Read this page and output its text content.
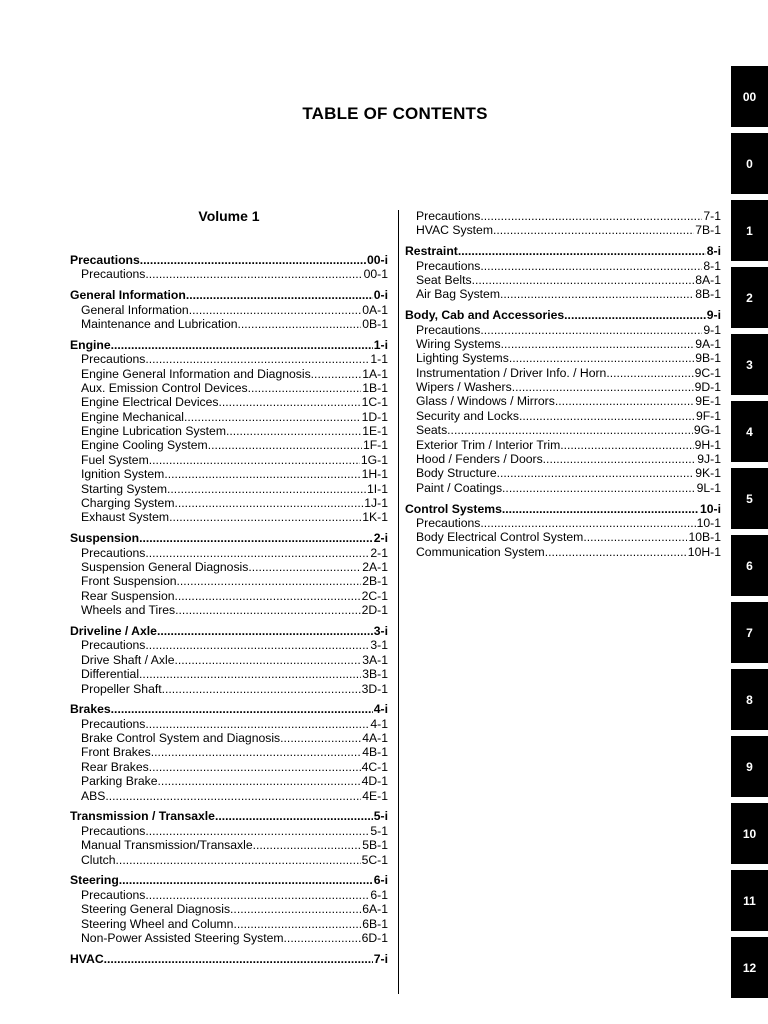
TABLE OF CONTENTS
Volume 1
Precautions .....	00-i
Precautions .....	00-1
General Information .....	0-i
General Information .....	0A-1
Maintenance and Lubrication .....	0B-1
Engine .....	1-i
Precautions .....	1-1
Engine General Information and Diagnosis .....	1A-1
Aux. Emission Control Devices .....	1B-1
Engine Electrical Devices .....	1C-1
Engine Mechanical .....	1D-1
Engine Lubrication System .....	1E-1
Engine Cooling System .....	1F-1
Fuel System .....	1G-1
Ignition System .....	1H-1
Starting System .....	1I-1
Charging System .....	1J-1
Exhaust System .....	1K-1
Suspension .....	2-i
Precautions .....	2-1
Suspension General Diagnosis .....	2A-1
Front Suspension .....	2B-1
Rear Suspension .....	2C-1
Wheels and Tires .....	2D-1
Driveline / Axle .....	3-i
Precautions .....	3-1
Drive Shaft / Axle .....	3A-1
Differential .....	3B-1
Propeller Shaft .....	3D-1
Brakes .....	4-i
Precautions .....	4-1
Brake Control System and Diagnosis .....	4A-1
Front Brakes .....	4B-1
Rear Brakes .....	4C-1
Parking Brake .....	4D-1
ABS .....	4E-1
Transmission / Transaxle .....	5-i
Precautions .....	5-1
Manual Transmission/Transaxle .....	5B-1
Clutch .....	5C-1
Steering .....	6-i
Precautions .....	6-1
Steering General Diagnosis .....	6A-1
Steering Wheel and Column .....	6B-1
Non-Power Assisted Steering System .....	6D-1
HVAC .....	7-i
Precautions .....	7-1
HVAC System .....	7B-1
Restraint .....	8-i
Precautions .....	8-1
Seat Belts .....	8A-1
Air Bag System .....	8B-1
Body, Cab and Accessories .....	9-i
Precautions .....	9-1
Wiring Systems .....	9A-1
Lighting Systems .....	9B-1
Instrumentation / Driver Info. / Horn .....	9C-1
Wipers / Washers .....	9D-1
Glass / Windows / Mirrors .....	9E-1
Security and Locks .....	9F-1
Seats .....	9G-1
Exterior Trim / Interior Trim .....	9H-1
Hood / Fenders / Doors .....	9J-1
Body Structure .....	9K-1
Paint / Coatings .....	9L-1
Control Systems .....	10-i
Precautions .....	10-1
Body Electrical Control System .....	10B-1
Communication System .....	10H-1
00
0
1
2
3
4
5
6
7
8
9
10
11
12
